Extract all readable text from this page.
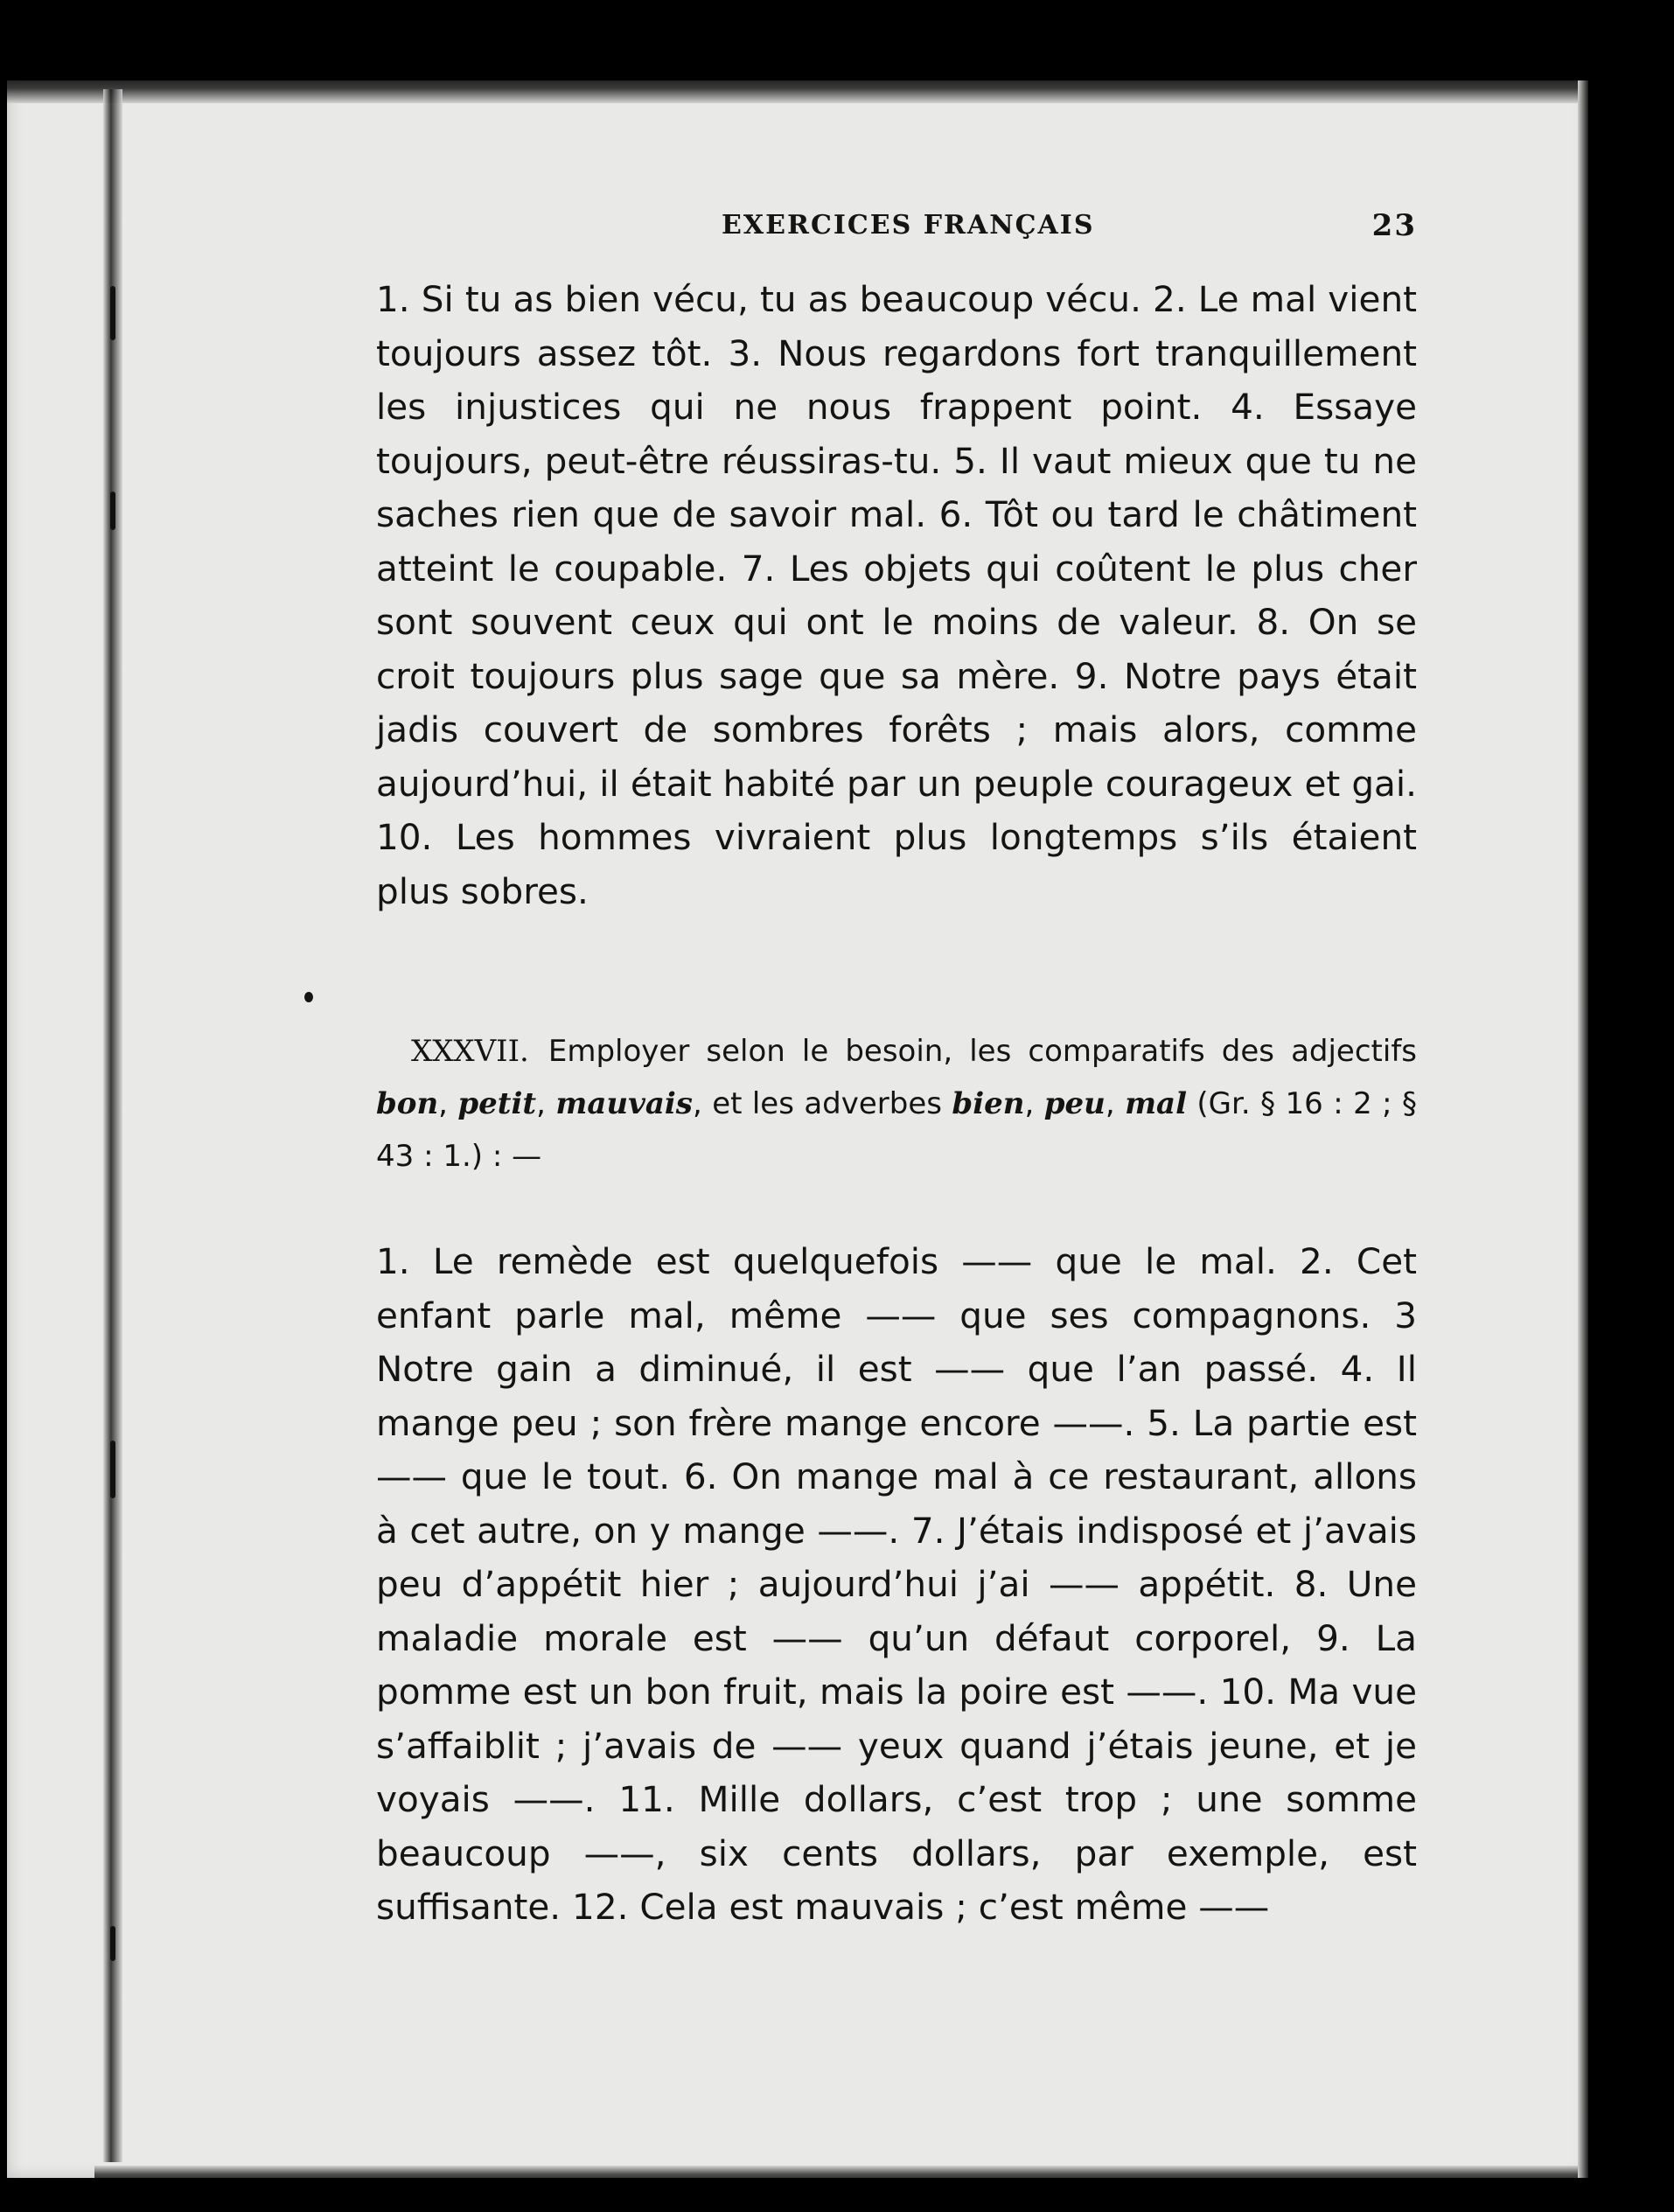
EXERCICES FRANÇAIS	23

1. Si tu as bien vécu, tu as beaucoup vécu. 2. Le mal vient toujours assez tôt. 3. Nous regardons fort tranquillement les injustices qui ne nous frappent point. 4. Essaye toujours, peut-être réussiras-tu. 5. Il vaut mieux que tu ne saches rien que de savoir mal. 6. Tôt ou tard le châtiment atteint le coupable. 7. Les objets qui coûtent le plus cher sont souvent ceux qui ont le moins de valeur. 8. On se croit toujours plus sage que sa mère. 9. Notre pays était jadis couvert de sombres forêts ; mais alors, comme aujourd’hui, il était habité par un peuple courageux et gai. 10. Les hommes vivraient plus longtemps s’ils étaient plus sobres.

XXXVII. Employer selon le besoin, les comparatifs des adjectifs bon, petit, mauvais, et les adverbes bien, peu, mal (Gr. § 16 : 2 ; § 43 : 1.) : —

1. Le remède est quelquefois —— que le mal. 2. Cet enfant parle mal, même —— que ses compagnons. 3 Notre gain a diminué, il est —— que l’an passé. 4. Il mange peu ; son frère mange encore ——. 5. La partie est —— que le tout. 6. On mange mal à ce restaurant, allons à cet autre, on y mange ——. 7. J’étais indisposé et j’avais peu d’appétit hier ; aujourd’hui j’ai —— appétit. 8. Une maladie morale est —— qu’un défaut corporel, 9. La pomme est un bon fruit, mais la poire est ——. 10. Ma vue s’affaiblit ; j’avais de —— yeux quand j’étais jeune, et je voyais ——. 11. Mille dollars, c’est trop ; une somme beaucoup ——, six cents dollars, par exemple, est suffisante. 12. Cela est mauvais ; c’est même ——
